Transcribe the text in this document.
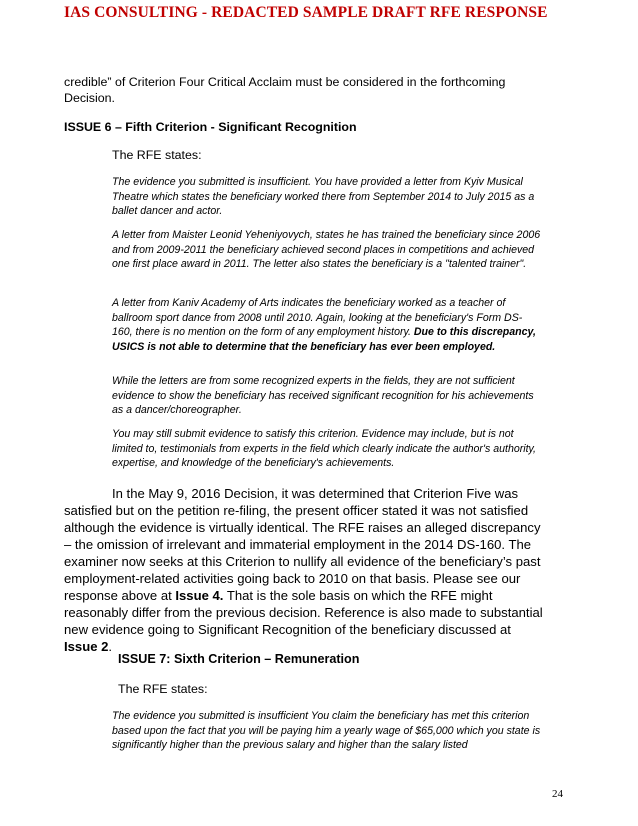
IAS CONSULTING - REDACTED SAMPLE DRAFT RFE RESPONSE

credible” of Criterion Four Critical Acclaim must be considered in the forthcoming Decision.

ISSUE 6 – Fifth Criterion - Significant Recognition

The RFE states:

The evidence you submitted is insufficient. You have provided a letter from Kyiv Musical Theatre which states the beneficiary worked there from September 2014 to July 2015 as a ballet dancer and actor.

A letter from Maister Leonid Yeheniyovych, states he has trained the beneficiary since 2006 and from 2009-2011 the beneficiary achieved second places in competitions and achieved one first place award in 2011. The letter also states the beneficiary is a "talented trainer".

A letter from Kaniv Academy of Arts indicates the beneficiary worked as a teacher of ballroom sport dance from 2008 until 2010. Again, looking at the beneficiary's Form DS-160, there is no mention on the form of any employment history. Due to this discrepancy, USICS is not able to determine that the beneficiary has ever been employed.

While the letters are from some recognized experts in the fields, they are not sufficient evidence to show the beneficiary has received significant recognition for his achievements as a dancer/choreographer.

You may still submit evidence to satisfy this criterion. Evidence may include, but is not limited to, testimonials from experts in the field which clearly indicate the author's authority, expertise, and knowledge of the beneficiary's achievements.

In the May 9, 2016 Decision, it was determined that Criterion Five was satisfied but on the petition re-filing, the present officer stated it was not satisfied although the evidence is virtually identical. The RFE raises an alleged discrepancy – the omission of irrelevant and immaterial employment in the 2014 DS-160. The examiner now seeks at this Criterion to nullify all evidence of the beneficiary’s past employment-related activities going back to 2010 on that basis. Please see our response above at Issue 4. That is the sole basis on which the RFE might reasonably differ from the previous decision. Reference is also made to substantial new evidence going to Significant Recognition of the beneficiary discussed at Issue 2.

ISSUE 7: Sixth Criterion – Remuneration

The RFE states:

The evidence you submitted is insufficient You claim the beneficiary has met this criterion based upon the fact that you will be paying him a yearly wage of $65,000 which you state is significantly higher than the previous salary and higher than the salary listed

24
